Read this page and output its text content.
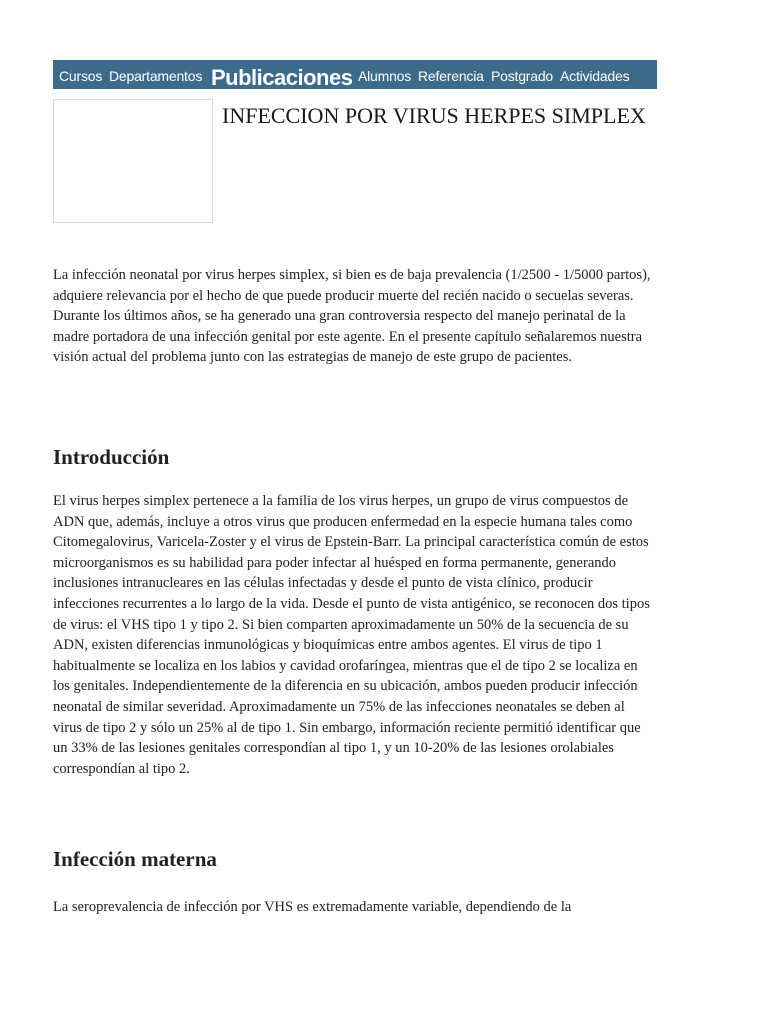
Cursos Departamentos Publicaciones Alumnos Referencia Postgrado Actividades
INFECCION POR VIRUS HERPES SIMPLEX

La infección neonatal por virus herpes simplex, si bien es de baja prevalencia (1/2500 - 1/5000 partos), adquiere relevancia por el hecho de que puede producir muerte del recién nacido o secuelas severas. Durante los últimos años, se ha generado una gran controversia respecto del manejo perinatal de la madre portadora de una infección genital por este agente. En el presente capítulo señalaremos nuestra visión actual del problema junto con las estrategias de manejo de este grupo de pacientes.

Introducción

El virus herpes simplex pertenece a la familia de los virus herpes, un grupo de virus compuestos de ADN que, además, incluye a otros virus que producen enfermedad en la especie humana tales como Citomegalovirus, Varicela-Zoster y el virus de Epstein-Barr. La principal característica común de estos microorganismos es su habilidad para poder infectar al huésped en forma permanente, generando inclusiones intranucleares en las células infectadas y desde el punto de vista clínico, producir infecciones recurrentes a lo largo de la vida. Desde el punto de vista antigénico, se reconocen dos tipos de virus: el VHS tipo 1 y tipo 2. Si bien comparten aproximadamente un 50% de la secuencia de su ADN, existen diferencias inmunológicas y bioquímicas entre ambos agentes. El virus de tipo 1 habitualmente se localiza en los labios y cavidad orofaríngea, mientras que el de tipo 2 se localiza en los genitales. Independientemente de la diferencia en su ubicación, ambos pueden producir infección neonatal de similar severidad. Aproximadamente un 75% de las infecciones neonatales se deben al virus de tipo 2 y sólo un 25% al de tipo 1. Sin embargo, información reciente permitió identificar que un 33% de las lesiones genitales correspondían al tipo 1, y un 10-20% de las lesiones orolabiales correspondían al tipo 2.

Infección materna

La seroprevalencia de infección por VHS es extremadamente variable, dependiendo de la
